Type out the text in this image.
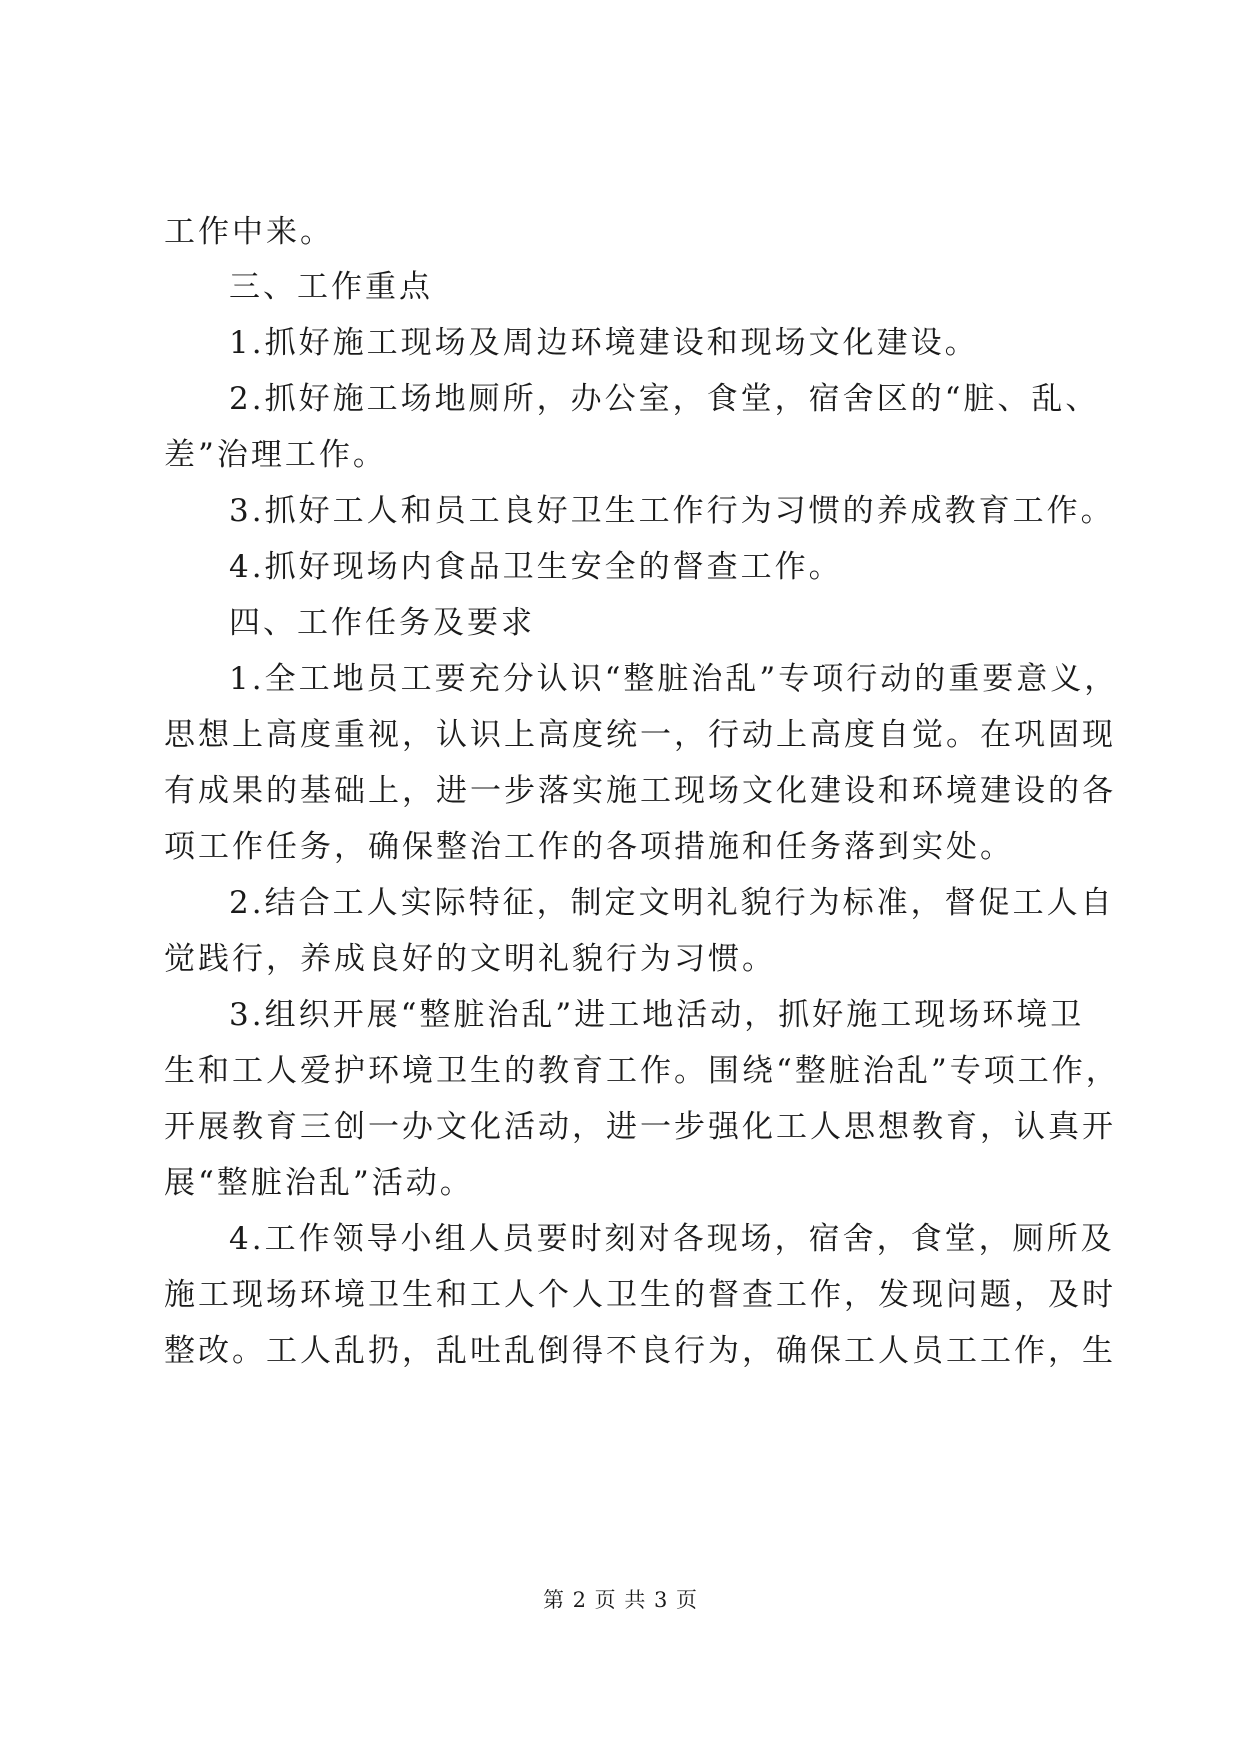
工作中来。
三、工作重点
1.抓好施工现场及周边环境建设和现场文化建设。
2.抓好施工场地厕所，办公室，食堂，宿舍区的“脏、乱、
差”治理工作。
3.抓好工人和员工良好卫生工作行为习惯的养成教育工作。
4.抓好现场内食品卫生安全的督查工作。
四、工作任务及要求
1.全工地员工要充分认识“整脏治乱”专项行动的重要意义，
思想上高度重视，认识上高度统一，行动上高度自觉。在巩固现
有成果的基础上，进一步落实施工现场文化建设和环境建设的各
项工作任务，确保整治工作的各项措施和任务落到实处。
2.结合工人实际特征，制定文明礼貌行为标准，督促工人自
觉践行，养成良好的文明礼貌行为习惯。
3.组织开展“整脏治乱”进工地活动，抓好施工现场环境卫
生和工人爱护环境卫生的教育工作。围绕“整脏治乱”专项工作，
开展教育三创一办文化活动，进一步强化工人思想教育，认真开
展“整脏治乱”活动。
4.工作领导小组人员要时刻对各现场，宿舍，食堂，厕所及
施工现场环境卫生和工人个人卫生的督查工作，发现问题，及时
整改。工人乱扔，乱吐乱倒得不良行为，确保工人员工工作，生
第 2 页 共 3 页
